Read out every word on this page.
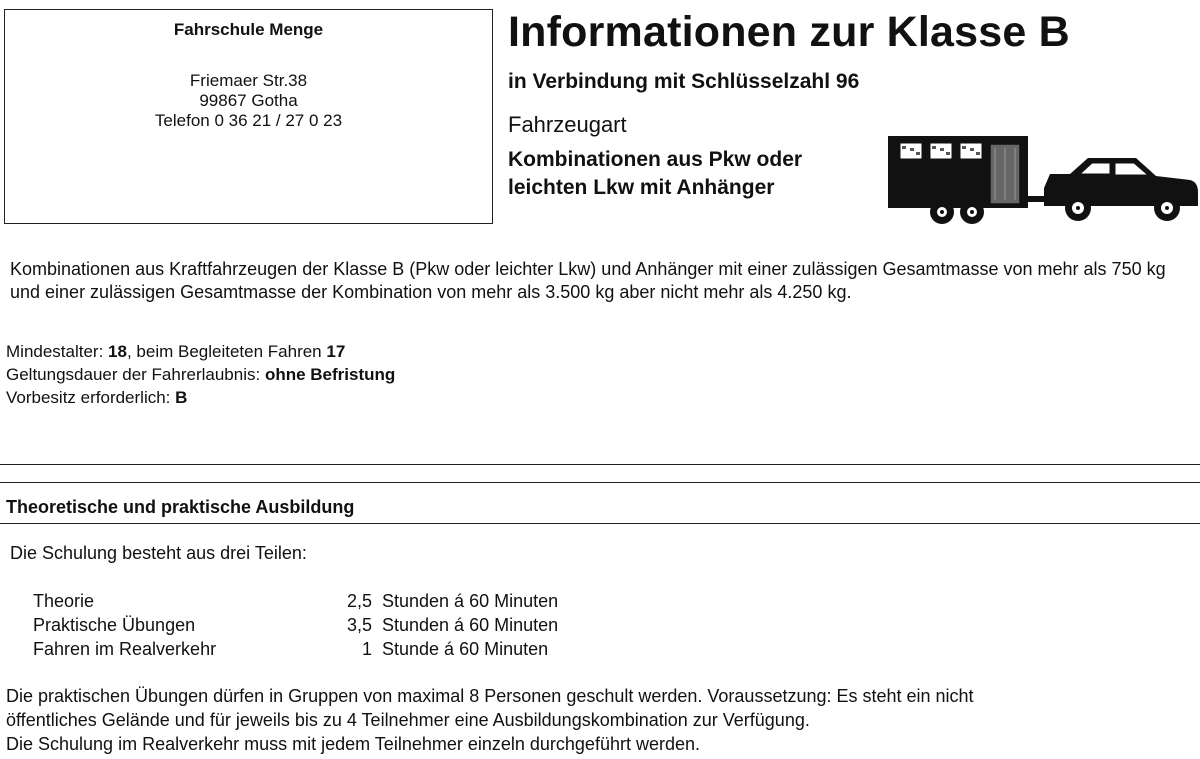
Fahrschule Menge
Friemaer Str.38
99867 Gotha
Telefon 0 36 21 / 27 0 23
Informationen zur Klasse B
in Verbindung mit Schlüsselzahl 96
Fahrzeugart
Kombinationen aus Pkw oder
leichten Lkw mit Anhänger
Kombinationen aus Kraftfahrzeugen der Klasse B (Pkw oder leichter Lkw) und Anhänger mit einer zulässigen Gesamtmasse von mehr als 750 kg und einer zulässigen Gesamtmasse der Kombination von mehr als 3.500 kg aber nicht mehr als 4.250 kg.
Mindestalter: 18, beim Begleiteten Fahren 17
Geltungsdauer der Fahrerlaubnis: ohne Befristung
Vorbesitz erforderlich: B
Theoretische und praktische Ausbildung
Die Schulung besteht aus drei Teilen:
Theorie	2,5 Stunden á 60 Minuten
Praktische Übungen	3,5 Stunden á 60 Minuten
Fahren im Realverkehr	1 Stunde á 60 Minuten
Die praktischen Übungen dürfen in Gruppen von maximal 8 Personen geschult werden. Voraussetzung: Es steht ein nicht
öffentliches Gelände und für jeweils bis zu 4 Teilnehmer eine Ausbildungskombination zur Verfügung.
Die Schulung im Realverkehr muss mit jedem Teilnehmer einzeln durchgeführt werden.
